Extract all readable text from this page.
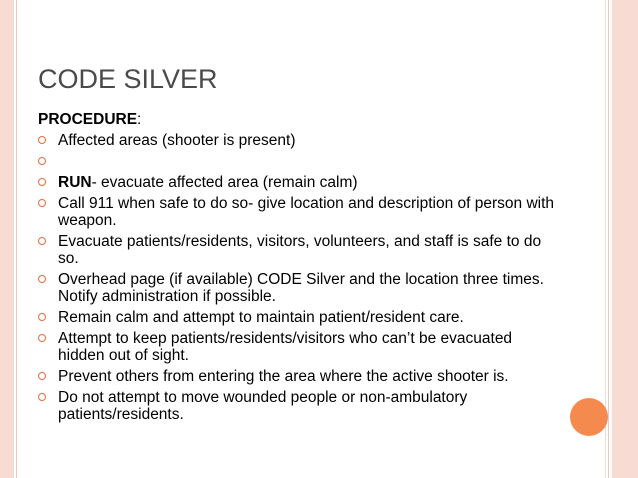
CODE SILVER

PROCEDURE:

Affected areas (shooter is present)
RUN- evacuate affected area (remain calm)
Call 911 when safe to do so- give location and description of person with weapon.
Evacuate patients/residents, visitors, volunteers, and staff is safe to do so.
Overhead page (if available) CODE Silver and the location three times. Notify administration if possible.
Remain calm and attempt to maintain patient/resident care.
Attempt to keep patients/residents/visitors who can’t be evacuated hidden out of sight.
Prevent others from entering the area where the active shooter is.
Do not attempt to move wounded people or non-ambulatory patients/residents.
